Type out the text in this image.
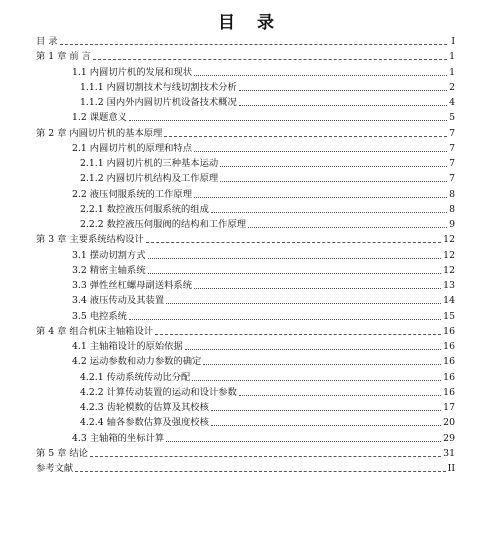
目 录
目 录	I
第 1 章 前 言	1
1.1 内圆切片机的发展和现状	1
1.1.1 内圆切割技术与线切割技术分析	2
1.1.2 国内外内圆切片机设备技术概况	4
1.2 课题意义	5
第 2 章 内圆切片机的基本原理	7
2.1 内圆切片机的原理和特点	7
2.1.1 内圆切片机的三种基本运动	7
2.1.2 内圆切片机结构及工作原理	7
2.2 液压伺服系统的工作原理	8
2.2.1 数控液压伺服系统的组成	8
2.2.2 数控液压伺服阀的结构和工作原理	9
第 3 章 主要系统结构设计	12
3.1 摆动切割方式	12
3.2 精密主轴系统	12
3.3 弹性丝杠螺母副送料系统	13
3.4 液压传动及其装置	14
3.5 电控系统	15
第 4 章 组合机床主轴箱设计	16
4.1 主轴箱设计的原始依据	16
4.2 运动参数和动力参数的确定	16
4.2.1 传动系统传动比分配	16
4.2.2 计算传动装置的运动和设计参数	16
4.2.3 齿轮模数的估算及其校核	17
4.2.4 轴各参数估算及强度校核	20
4.3 主轴箱的坐标计算	29
第 5 章 结论	31
参考文献	II
